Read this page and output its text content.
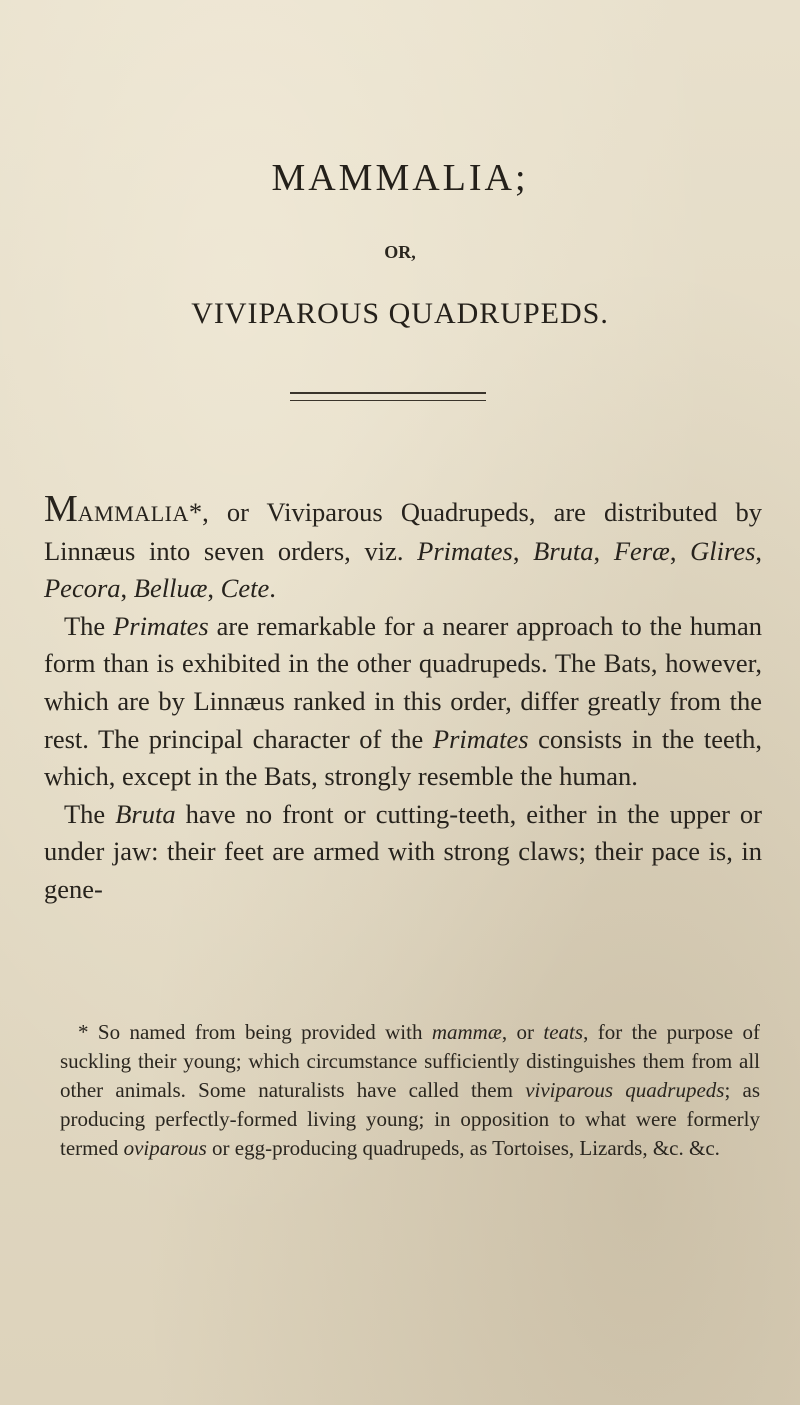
MAMMALIA;
OR,
VIVIPAROUS QUADRUPEDS.

MAMMALIA*, or Viviparous Quadrupeds, are distributed by Linnæus into seven orders, viz. Primates, Bruta, Feræ, Glires, Pecora, Belluæ, Cete.

The Primates are remarkable for a nearer approach to the human form than is exhibited in the other quadrupeds. The Bats, however, which are by Linnæus ranked in this order, differ greatly from the rest. The principal character of the Primates consists in the teeth, which, except in the Bats, strongly resemble the human.

The Bruta have no front or cutting-teeth, either in the upper or under jaw: their feet are armed with strong claws; their pace is, in gene-

* So named from being provided with mammæ, or teats, for the purpose of suckling their young; which circumstance sufficiently distinguishes them from all other animals. Some naturalists have called them viviparous quadrupeds; as producing perfectly-formed living young; in opposition to what were formerly termed oviparous or egg-producing quadrupeds, as Tortoises, Lizards, &c. &c.
